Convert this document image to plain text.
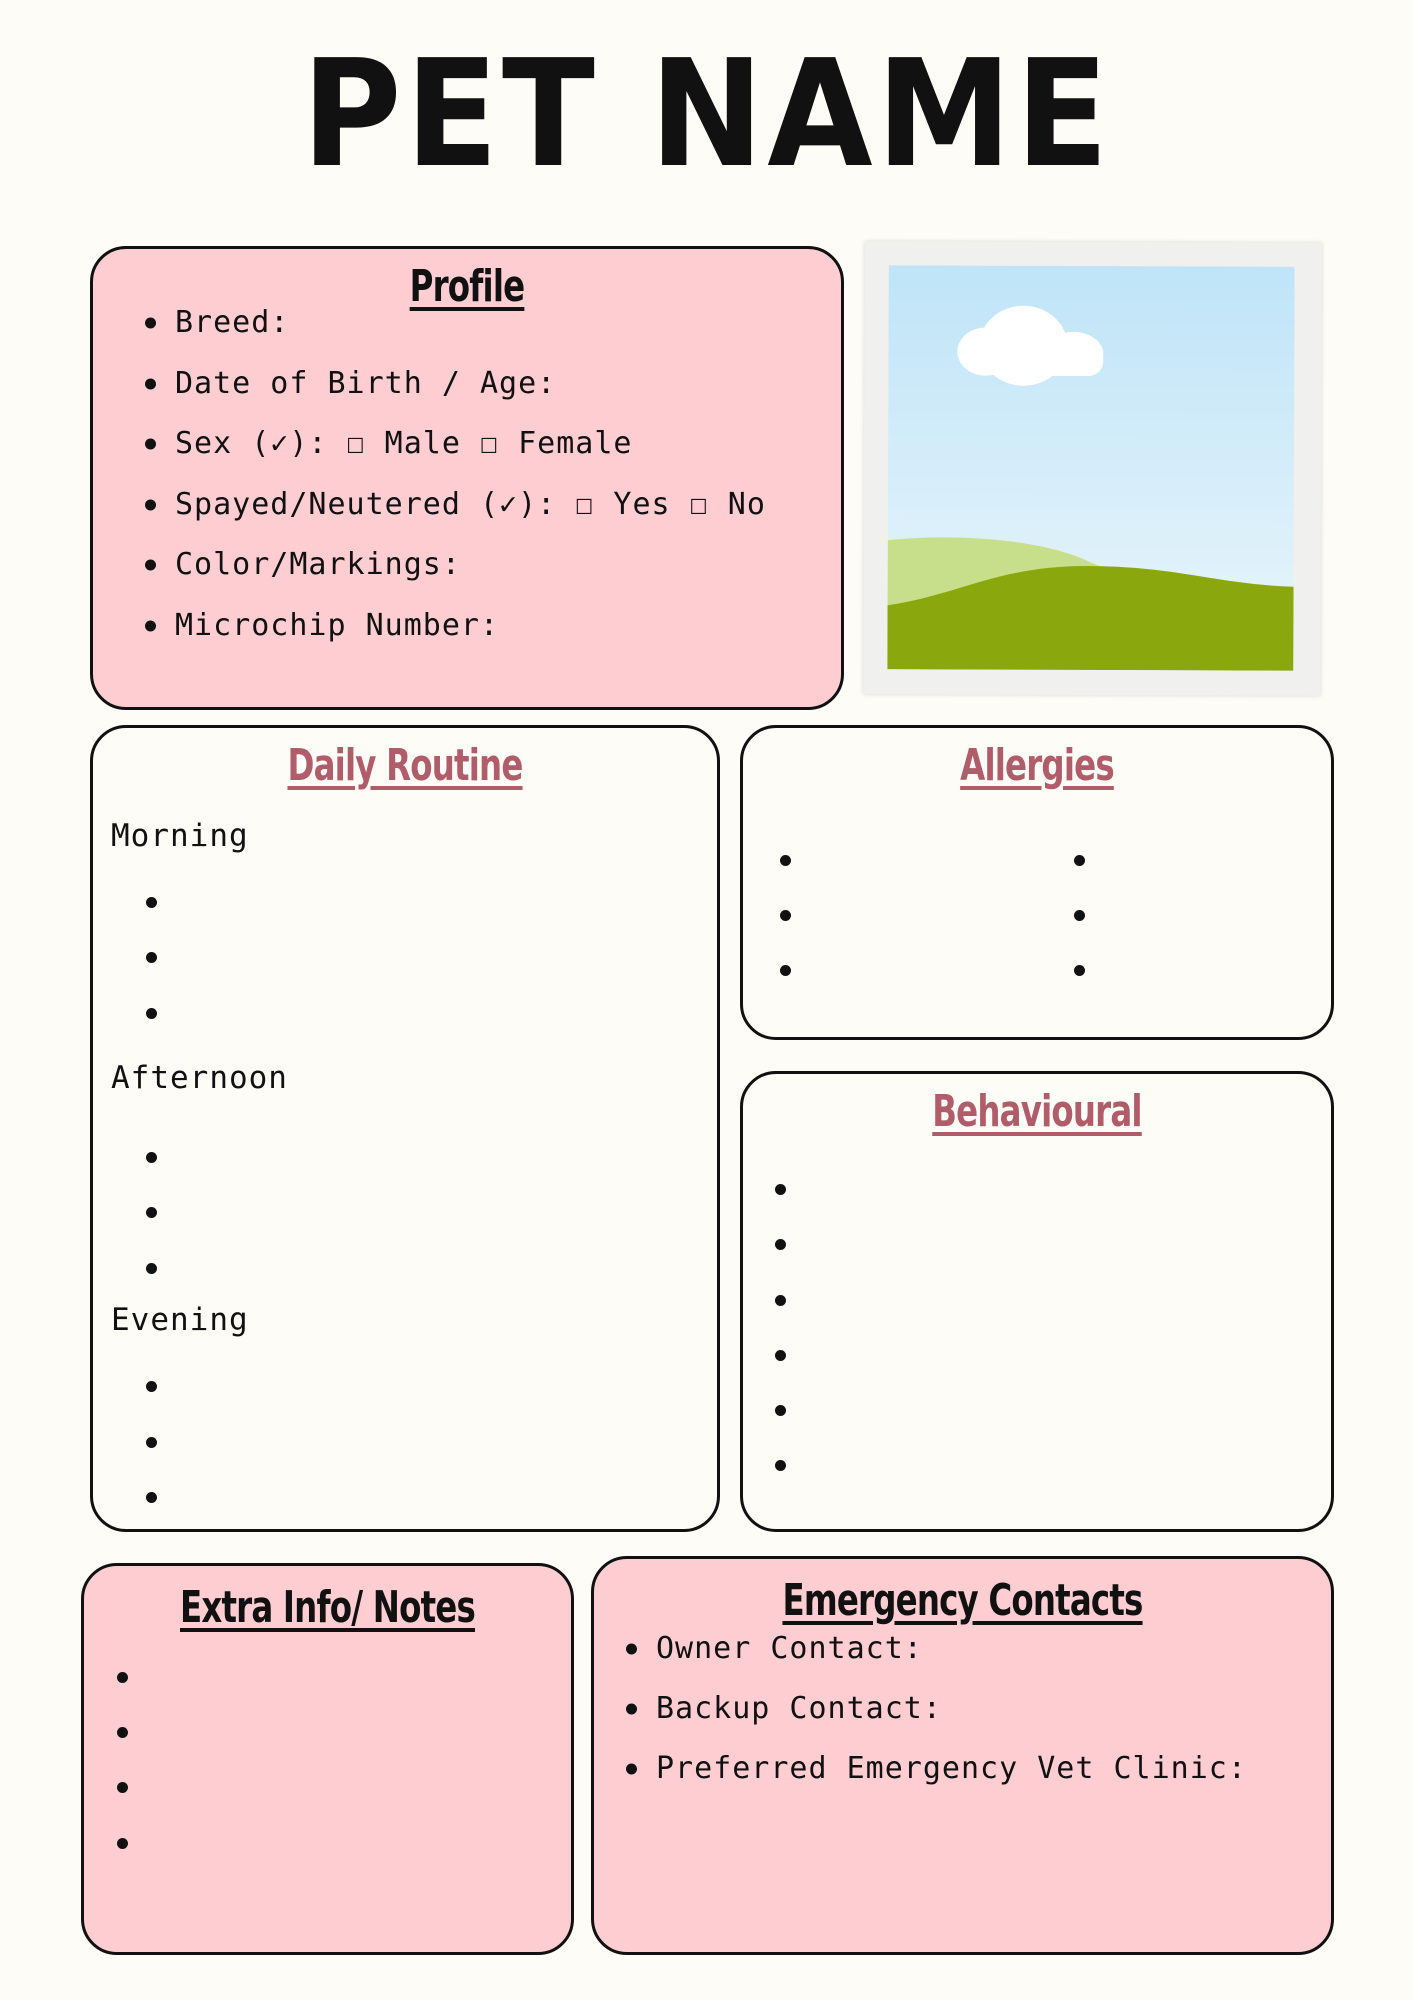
PET NAME
Profile
Breed:
Date of Birth / Age:
Sex (✓): ☐ Male ☐ Female
Spayed/Neutered (✓): ☐ Yes ☐ No
Color/Markings:
Microchip Number:
Daily Routine
Morning
Afternoon
Evening
Allergies
Behavioural
Extra Info/ Notes	Emergency Contacts
Owner Contact:
Backup Contact:
Preferred Emergency Vet Clinic:
